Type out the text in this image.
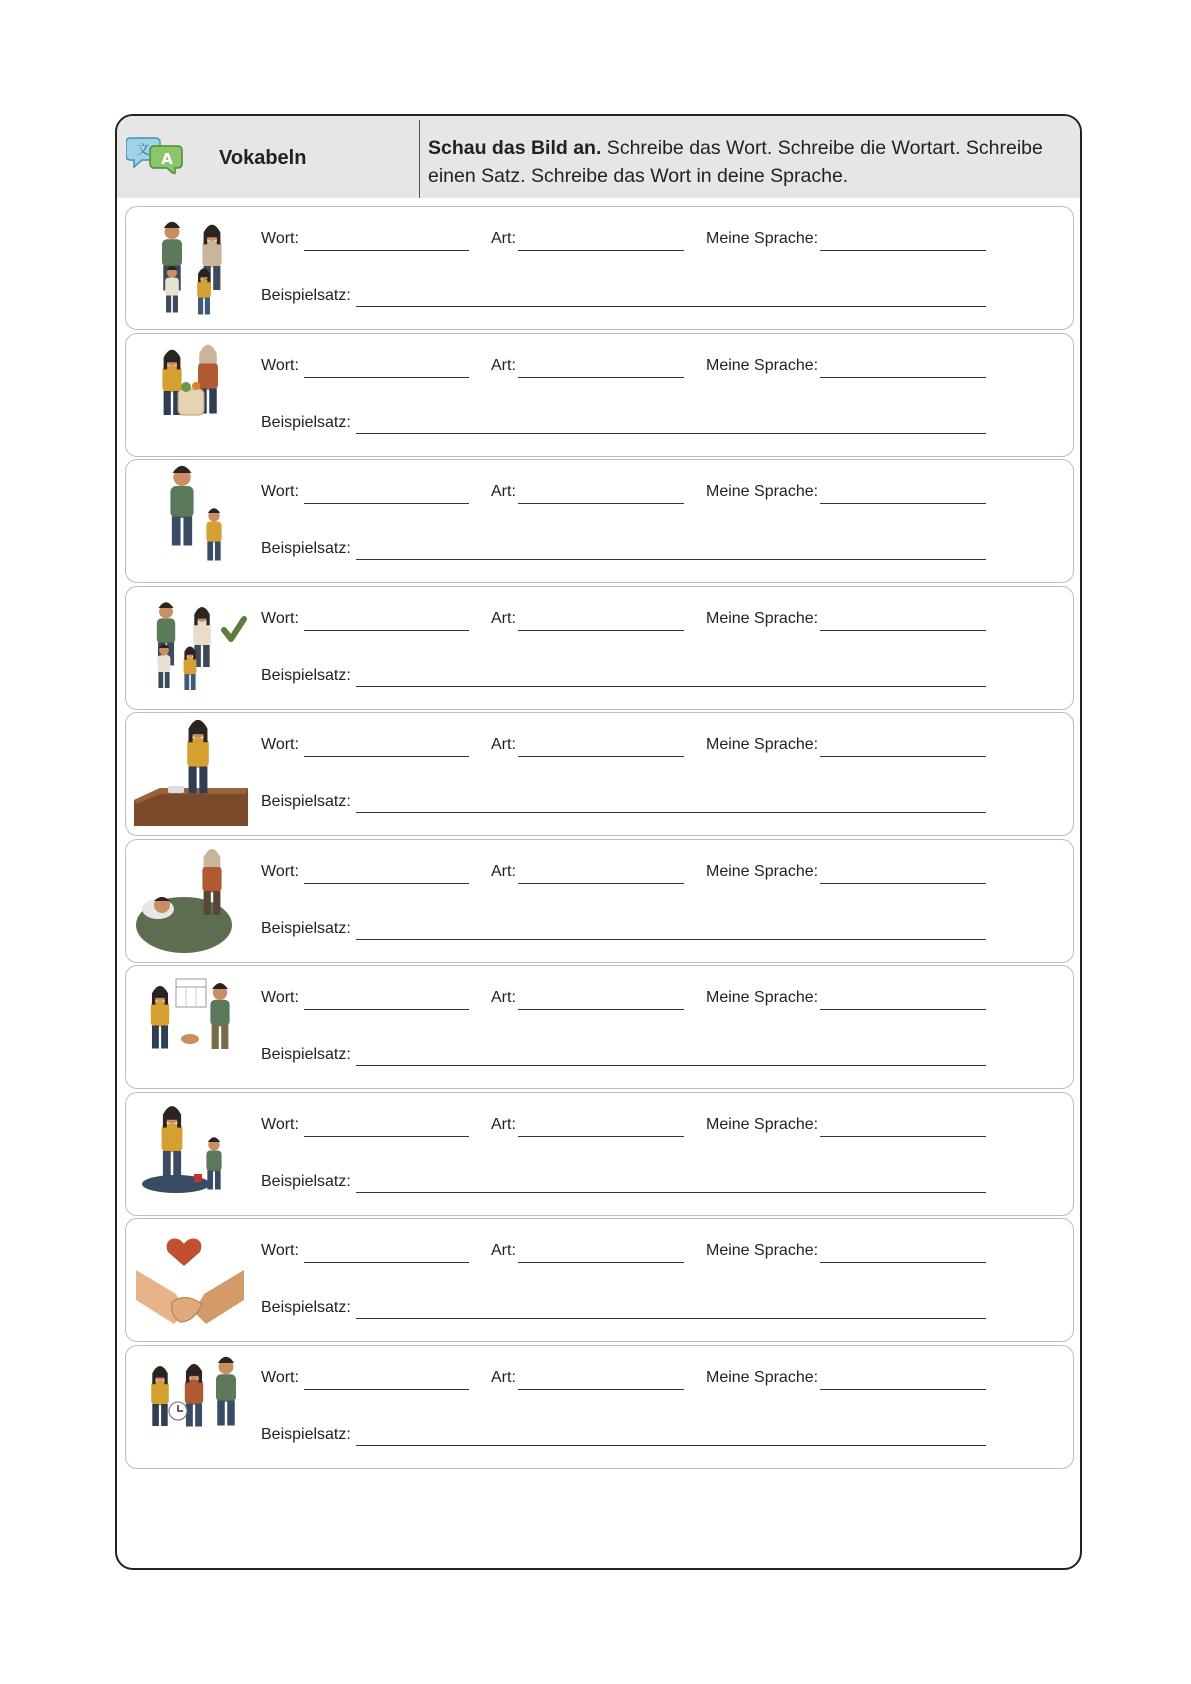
文 A Vokabeln	Schau das Bild an. Schreibe das Wort. Schreibe die Wortart. Schreibe einen Satz. Schreibe das Wort in deine Sprache.
Wort:	Art:	Meine Sprache:
Beispielsatz:
Wort:	Art:	Meine Sprache:
Beispielsatz:
Wort:	Art:	Meine Sprache:
Beispielsatz:
Wort:	Art:	Meine Sprache:
Beispielsatz:
Wort:	Art:	Meine Sprache:
Beispielsatz:
Wort:	Art:	Meine Sprache:
Beispielsatz:
Wort:	Art:	Meine Sprache:
Beispielsatz:
Wort:	Art:	Meine Sprache:
Beispielsatz:
Wort:	Art:	Meine Sprache:
Beispielsatz:
Wort:	Art:	Meine Sprache:
Beispielsatz:
